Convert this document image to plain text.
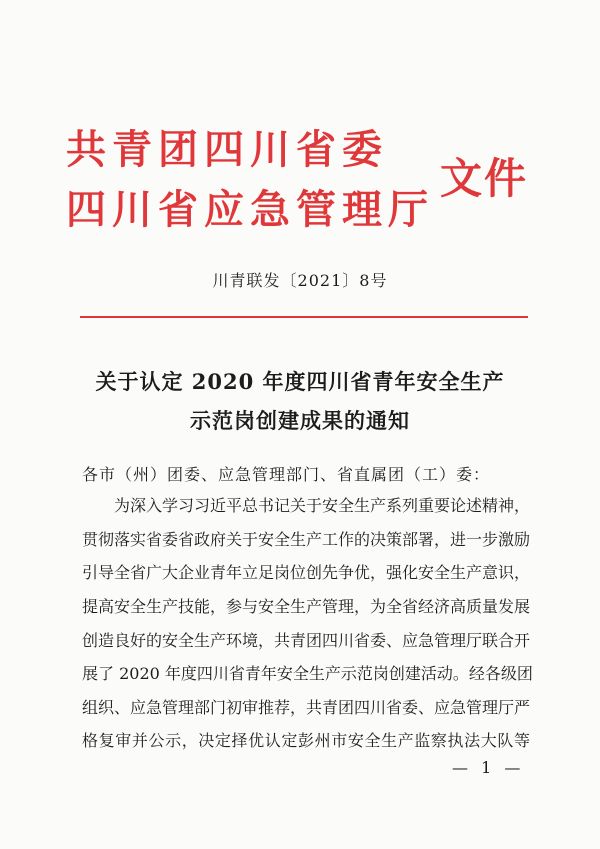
共青团四川省委
四川省应急管理厅
文件
川青联发〔2021〕8号
关于认定 2020 年度四川省青年安全生产
示范岗创建成果的通知
各市（州）团委、应急管理部门、省直属团（工）委：
为深入学习习近平总书记关于安全生产系列重要论述精神，
贯彻落实省委省政府关于安全生产工作的决策部署，进一步激励
引导全省广大企业青年立足岗位创先争优，强化安全生产意识，
提高安全生产技能，参与安全生产管理，为全省经济高质量发展
创造良好的安全生产环境，共青团四川省委、应急管理厅联合开
展了 2020 年度四川省青年安全生产示范岗创建活动。经各级团
组织、应急管理部门初审推荐，共青团四川省委、应急管理厅严
格复审并公示，决定择优认定彭州市安全生产监察执法大队等
— 1 —
